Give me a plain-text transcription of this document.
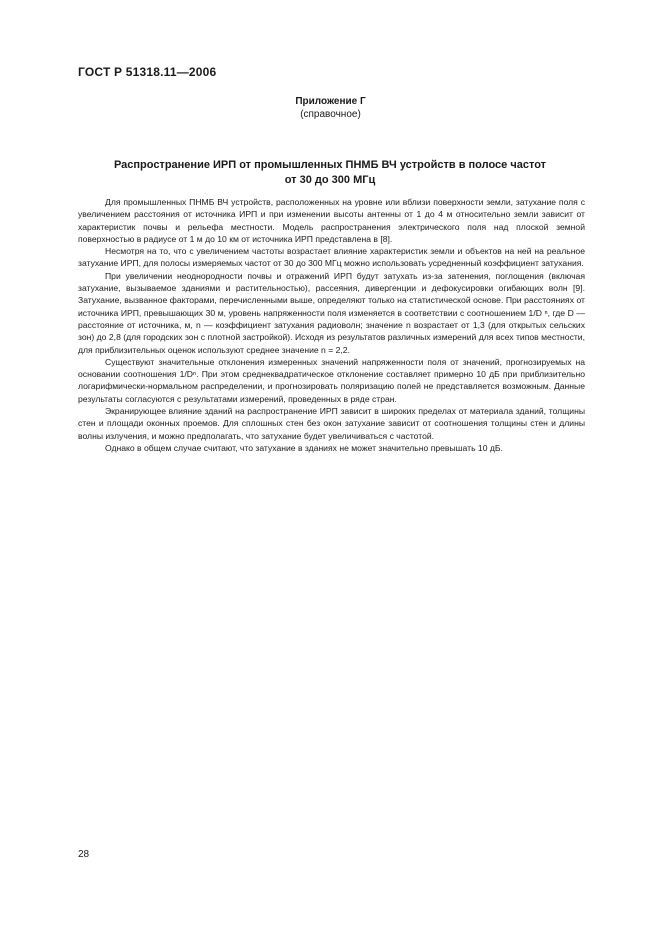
ГОСТ Р 51318.11—2006
Приложение Г
(справочное)
Распространение ИРП от промышленных ПНМБ ВЧ устройств в полосе частот
от 30 до 300 МГц

Для промышленных ПНМБ ВЧ устройств, расположенных на уровне или вблизи поверхности земли, затухание поля с увеличением расстояния от источника ИРП и при изменении высоты антенны от 1 до 4 м относительно земли зависит от характеристик почвы и рельефа местности. Модель распространения электрического поля над плоской земной поверхностью в радиусе от 1 м до 10 км от источника ИРП представлена в [8].

Несмотря на то, что с увеличением частоты возрастает влияние характеристик земли и объектов на ней на реальное затухание ИРП, для полосы измеряемых частот от 30 до 300 МГц можно использовать усредненный коэффициент затухания.

При увеличении неоднородности почвы и отражений ИРП будут затухать из-за затенения, поглощения (включая затухание, вызываемое зданиями и растительностью), рассеяния, дивергенции и дефокусировки огибающих волн [9]. Затухание, вызванное факторами, перечисленными выше, определяют только на статистической основе. При расстояниях от источника ИРП, превышающих 30 м, уровень напряженности поля изменяется в соответствии с соотношением 1/D ⁿ, где D — расстояние от источника, м, n — коэффициент затухания радиоволн; значение n возрастает от 1,3 (для открытых сельских зон) до 2,8 (для городских зон с плотной застройкой). Исходя из результатов различных измерений для всех типов местности, для приблизительных оценок используют среднее значение n = 2,2.

Существуют значительные отклонения измеренных значений напряженности поля от значений, прогнозируемых на основании соотношения 1/Dⁿ. При этом среднеквадратическое отклонение составляет примерно 10 дБ при приблизительно логарифмически-нормальном распределении, и прогнозировать поляризацию полей не представляется возможным. Данные результаты согласуются с результатами измерений, проведенных в ряде стран.

Экранирующее влияние зданий на распространение ИРП зависит в широких пределах от материала зданий, толщины стен и площади оконных проемов. Для сплошных стен без окон затухание зависит от соотношения толщины стен и длины волны излучения, и можно предполагать, что затухание будет увеличиваться с частотой.

Однако в общем случае считают, что затухание в зданиях не может значительно превышать 10 дБ.

28
